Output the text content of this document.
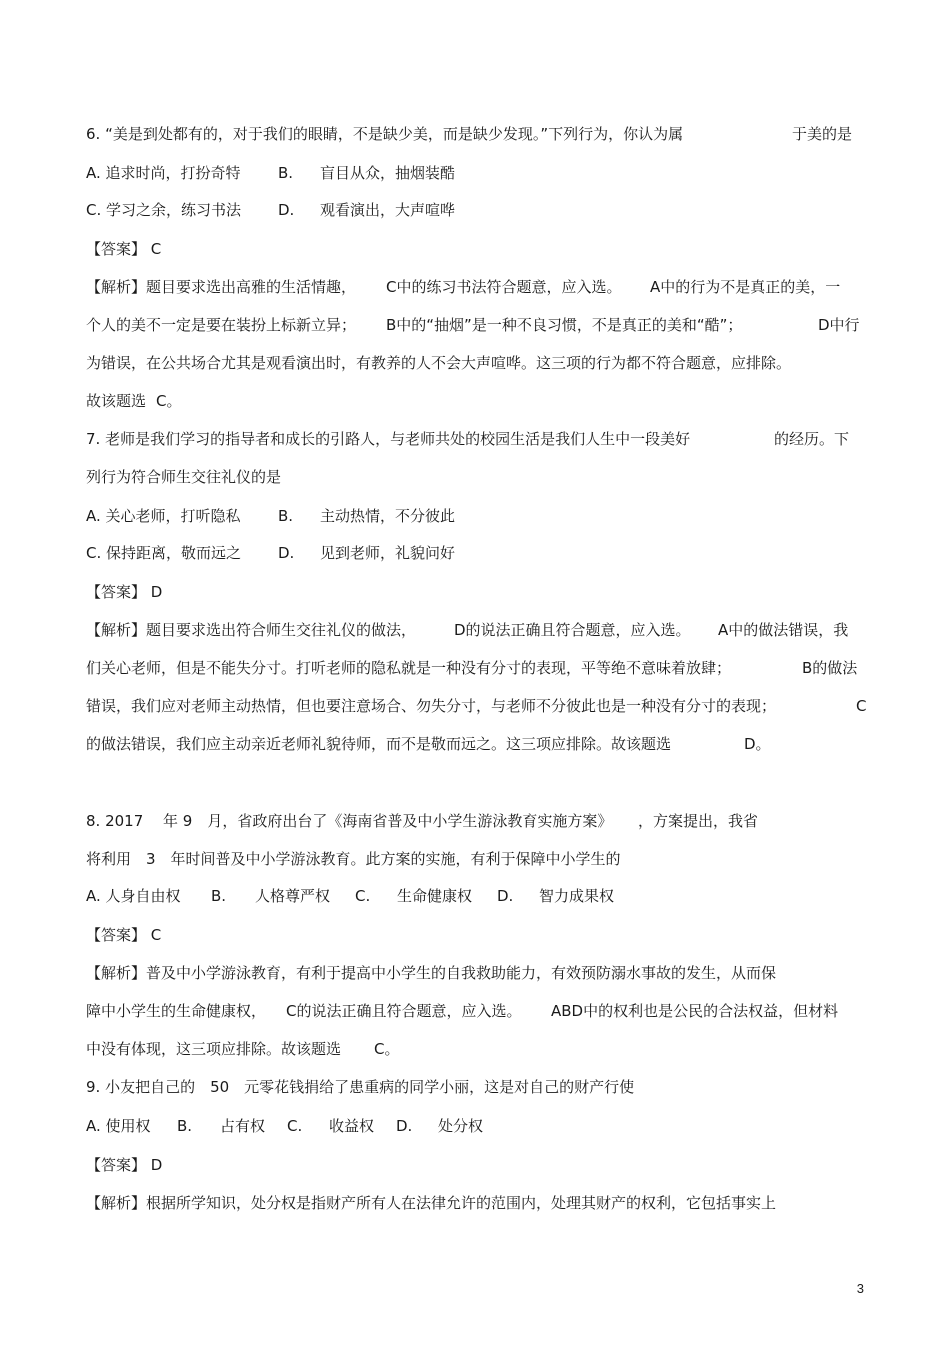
6. “美是到处都有的，对于我们的眼睛，不是缺少美，而是缺少发现。”下列行为，你认为属	于美的是
A. 追求时尚，打扮奇特 B. 盲目从众，抽烟装酷
C. 学习之余，练习书法 D. 观看演出，大声喧哗
【答案】 C
【解析】题目要求选出高雅的生活情趣， C中的练习书法符合题意，应入选。 A中的行为不是真正的美，一
个人的美不一定是要在装扮上标新立异； B中的“抽烟”是一种不良习惯，不是真正的美和“酷”；	D中行
为错误，在公共场合尤其是观看演出时，有教养的人不会大声喧哗。这三项的行为都不符合题意，应排除。
故该题选 C。
7. 老师是我们学习的指导者和成长的引路人，与老师共处的校园生活是我们人生中一段美好	的经历。下
列行为符合师生交往礼仪的是
A. 关心老师，打听隐私 B. 主动热情，不分彼此
C. 保持距离，敬而远之 D. 见到老师，礼貌问好
【答案】 D
【解析】题目要求选出符合师生交往礼仪的做法，	D的说法正确且符合题意，应入选。 A中的做法错误，我
们关心老师，但是不能失分寸。打听老师的隐私就是一种没有分寸的表现，平等绝不意味着放肆；	B的做法
错误，我们应对老师主动热情，但也要注意场合、勿失分寸，与老师不分彼此也是一种没有分寸的表现；	C
的做法错误，我们应主动亲近老师礼貌待师，而不是敬而远之。这三项应排除。故该题选	D。
8. 2017　 年 9　月，省政府出台了《海南省普及中小学生游泳教育实施方案》 ，方案提出，我省
将利用　3　年时间普及中小学游泳教育。此方案的实施，有利于保障中小学生的
A. 人身自由权 B. 人格尊严权 C. 生命健康权 D. 智力成果权
【答案】 C
【解析】普及中小学游泳教育，有利于提高中小学生的自我救助能力，有效预防溺水事故的发生，从而保
障中小学生的生命健康权， C的说法正确且符合题意，应入选。 ABD中的权利也是公民的合法权益，但材料
中没有体现，这三项应排除。故该题选 C。
9. 小友把自己的　50　元零花钱捐给了患重病的同学小丽，这是对自己的财产行使
A. 使用权 B. 占有权 C. 收益权 D. 处分权
【答案】 D
【解析】根据所学知识，处分权是指财产所有人在法律允许的范围内，处理其财产的权利，它包括事实上
3
